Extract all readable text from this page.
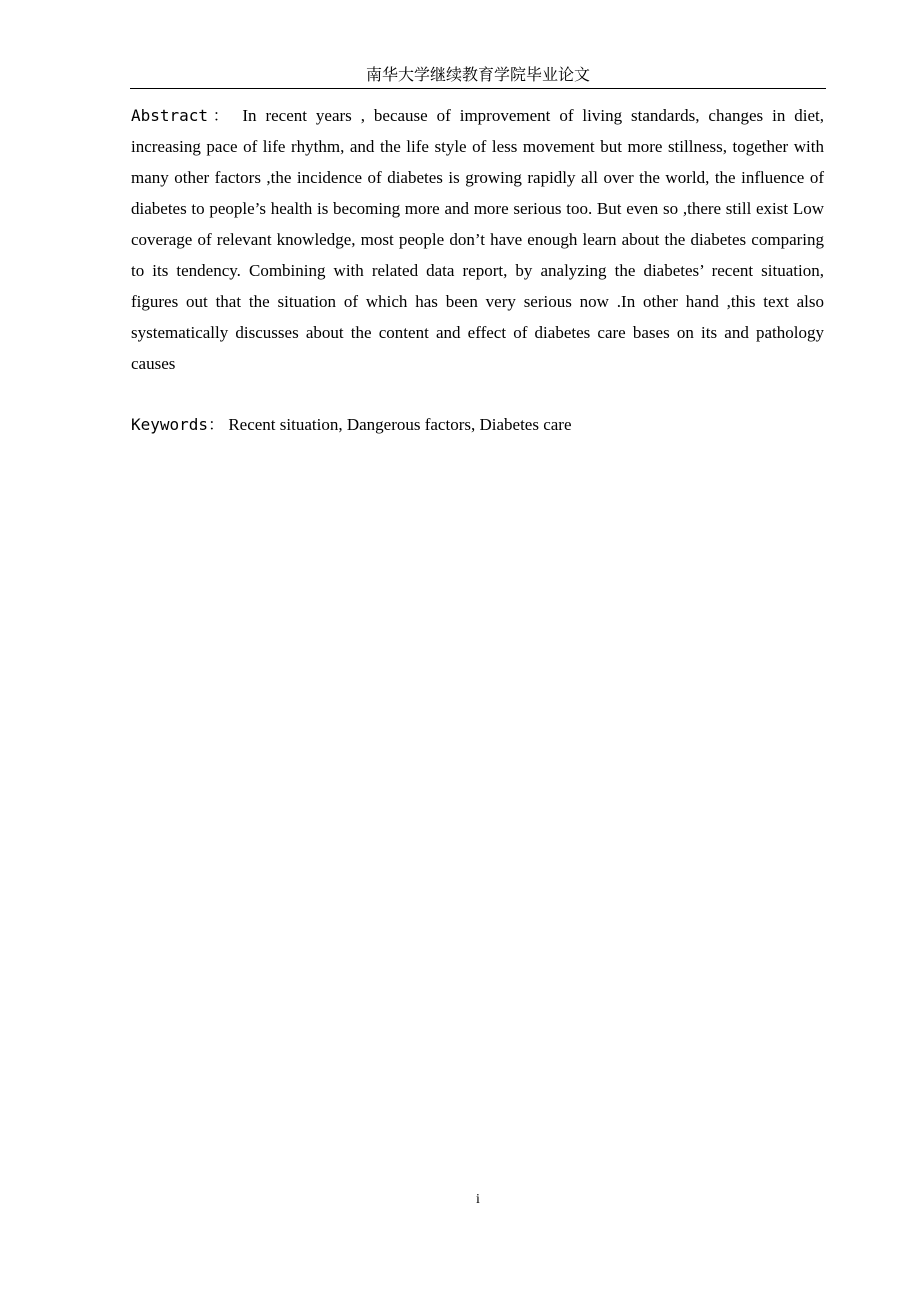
南华大学继续教育学院毕业论文
Abstract： In recent years , because of improvement of living standards, changes in diet, increasing pace of life rhythm, and the life style of less movement but more stillness, together with many other factors ,the incidence of diabetes is growing rapidly all over the world, the influence of diabetes to people’s health is becoming more and more serious too. But even so ,there still exist Low coverage of relevant knowledge, most people don’t have enough learn about the diabetes comparing to its tendency. Combining with related data report, by analyzing the diabetes’ recent situation, figures out that the situation of which has been very serious now .In other hand ,this text also systematically discusses about the content and effect of diabetes care bases on its and pathology causes
Keywords： Recent situation, Dangerous factors, Diabetes care
i
